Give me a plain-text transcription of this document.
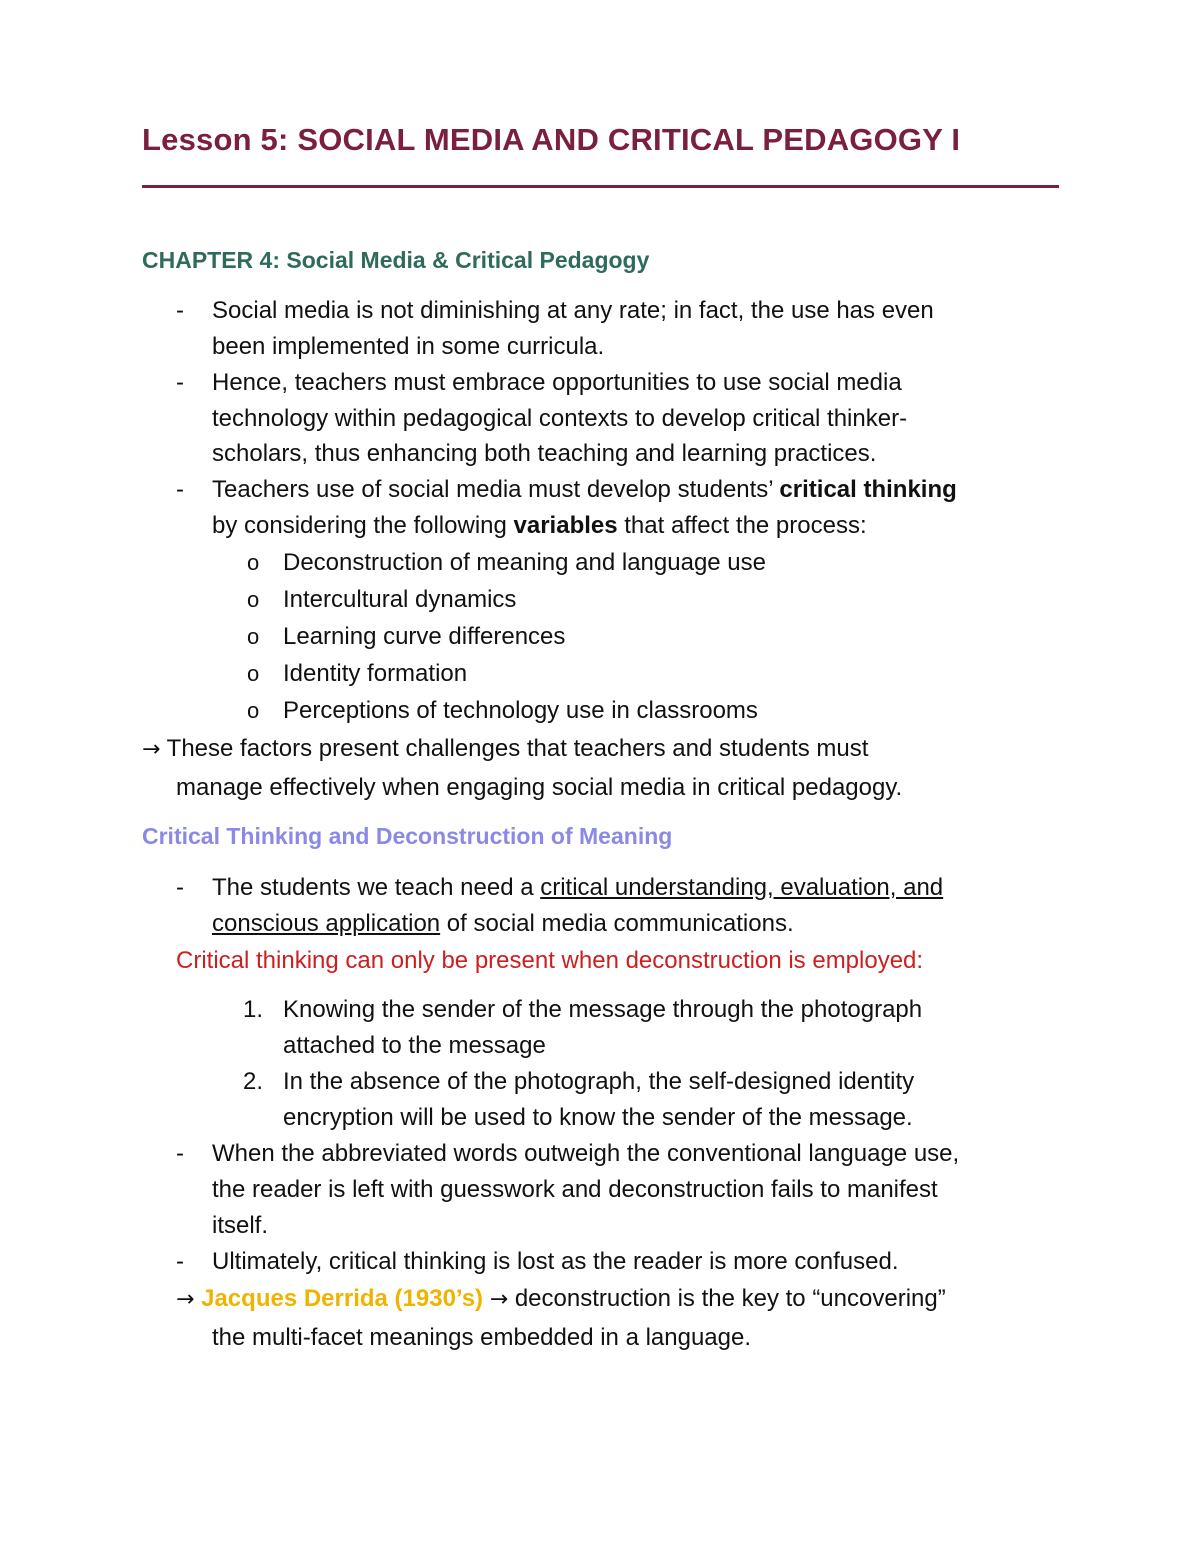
Lesson 5: SOCIAL MEDIA AND CRITICAL PEDAGOGY I
CHAPTER 4: Social Media & Critical Pedagogy
- Social media is not diminishing at any rate; in fact, the use has even
been implemented in some curricula.
- Hence, teachers must embrace opportunities to use social media
technology within pedagogical contexts to develop critical thinker-
scholars, thus enhancing both teaching and learning practices.
- Teachers use of social media must develop students’ critical thinking
by considering the following variables that affect the process:
o Deconstruction of meaning and language use
o Intercultural dynamics
o Learning curve differences
o Identity formation
o Perceptions of technology use in classrooms
→ These factors present challenges that teachers and students must
manage effectively when engaging social media in critical pedagogy.
Critical Thinking and Deconstruction of Meaning
- The students we teach need a critical understanding, evaluation, and
conscious application of social media communications.
Critical thinking can only be present when deconstruction is employed:
1. Knowing the sender of the message through the photograph
attached to the message
2. In the absence of the photograph, the self-designed identity
encryption will be used to know the sender of the message.
- When the abbreviated words outweigh the conventional language use,
the reader is left with guesswork and deconstruction fails to manifest
itself.
- Ultimately, critical thinking is lost as the reader is more confused.
→ Jacques Derrida (1930’s) → deconstruction is the key to “uncovering”
the multi-facet meanings embedded in a language.
